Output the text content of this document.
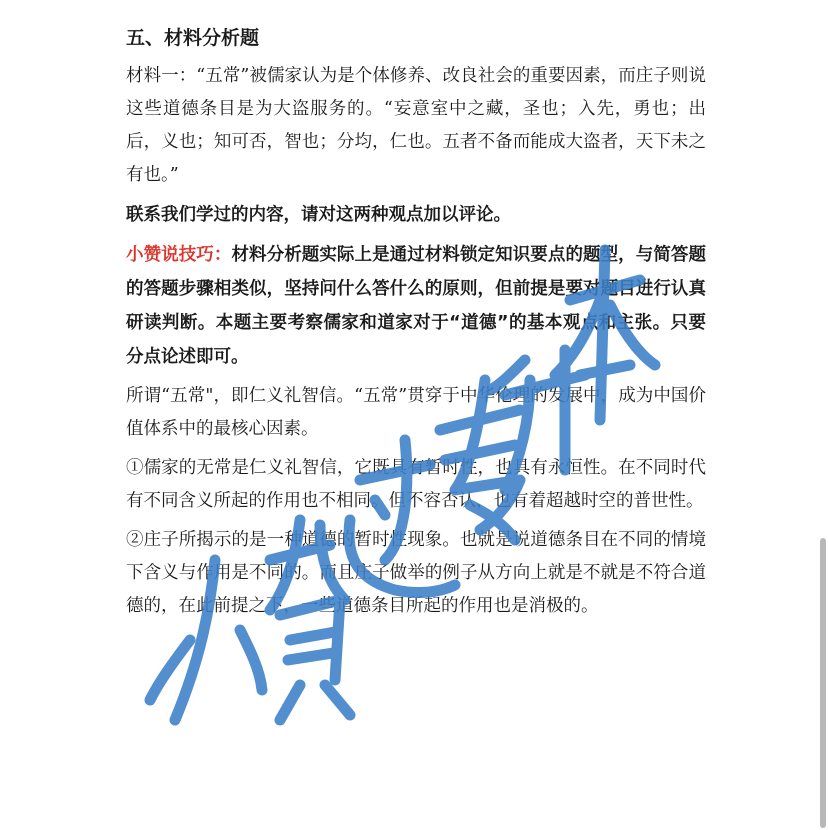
五、材料分析题
材料一：“五常”被儒家认为是个体修养、改良社会的重要因素，而庄子则说这些道德条目是为大盗服务的。“妄意室中之藏，圣也；入先，勇也；出后，义也；知可否，智也；分均，仁也。五者不备而能成大盗者，天下未之有也。”
联系我们学过的内容，请对这两种观点加以评论。
小赞说技巧：材料分析题实际上是通过材料锁定知识要点的题型，与简答题的答题步骤相类似，坚持问什么答什么的原则，但前提是要对题目进行认真研读判断。本题主要考察儒家和道家对于“道德”的基本观点和主张。只要分点论述即可。
所谓“五常"，即仁义礼智信。“五常”贯穿于中华伦理的发展中，成为中国价值体系中的最核心因素。
①儒家的无常是仁义礼智信，它既具有暂时性，也具有永恒性。在不同时代有不同含义所起的作用也不相同。但不容否认，也有着超越时空的普世性。
②庄子所揭示的是一种道德的暂时性现象。也就是说道德条目在不同的情境下含义与作用是不同的。而且庄子做举的例子从方向上就是不就是不符合道德的，在此前提之下，一些道德条目所起的作用也是消极的。
